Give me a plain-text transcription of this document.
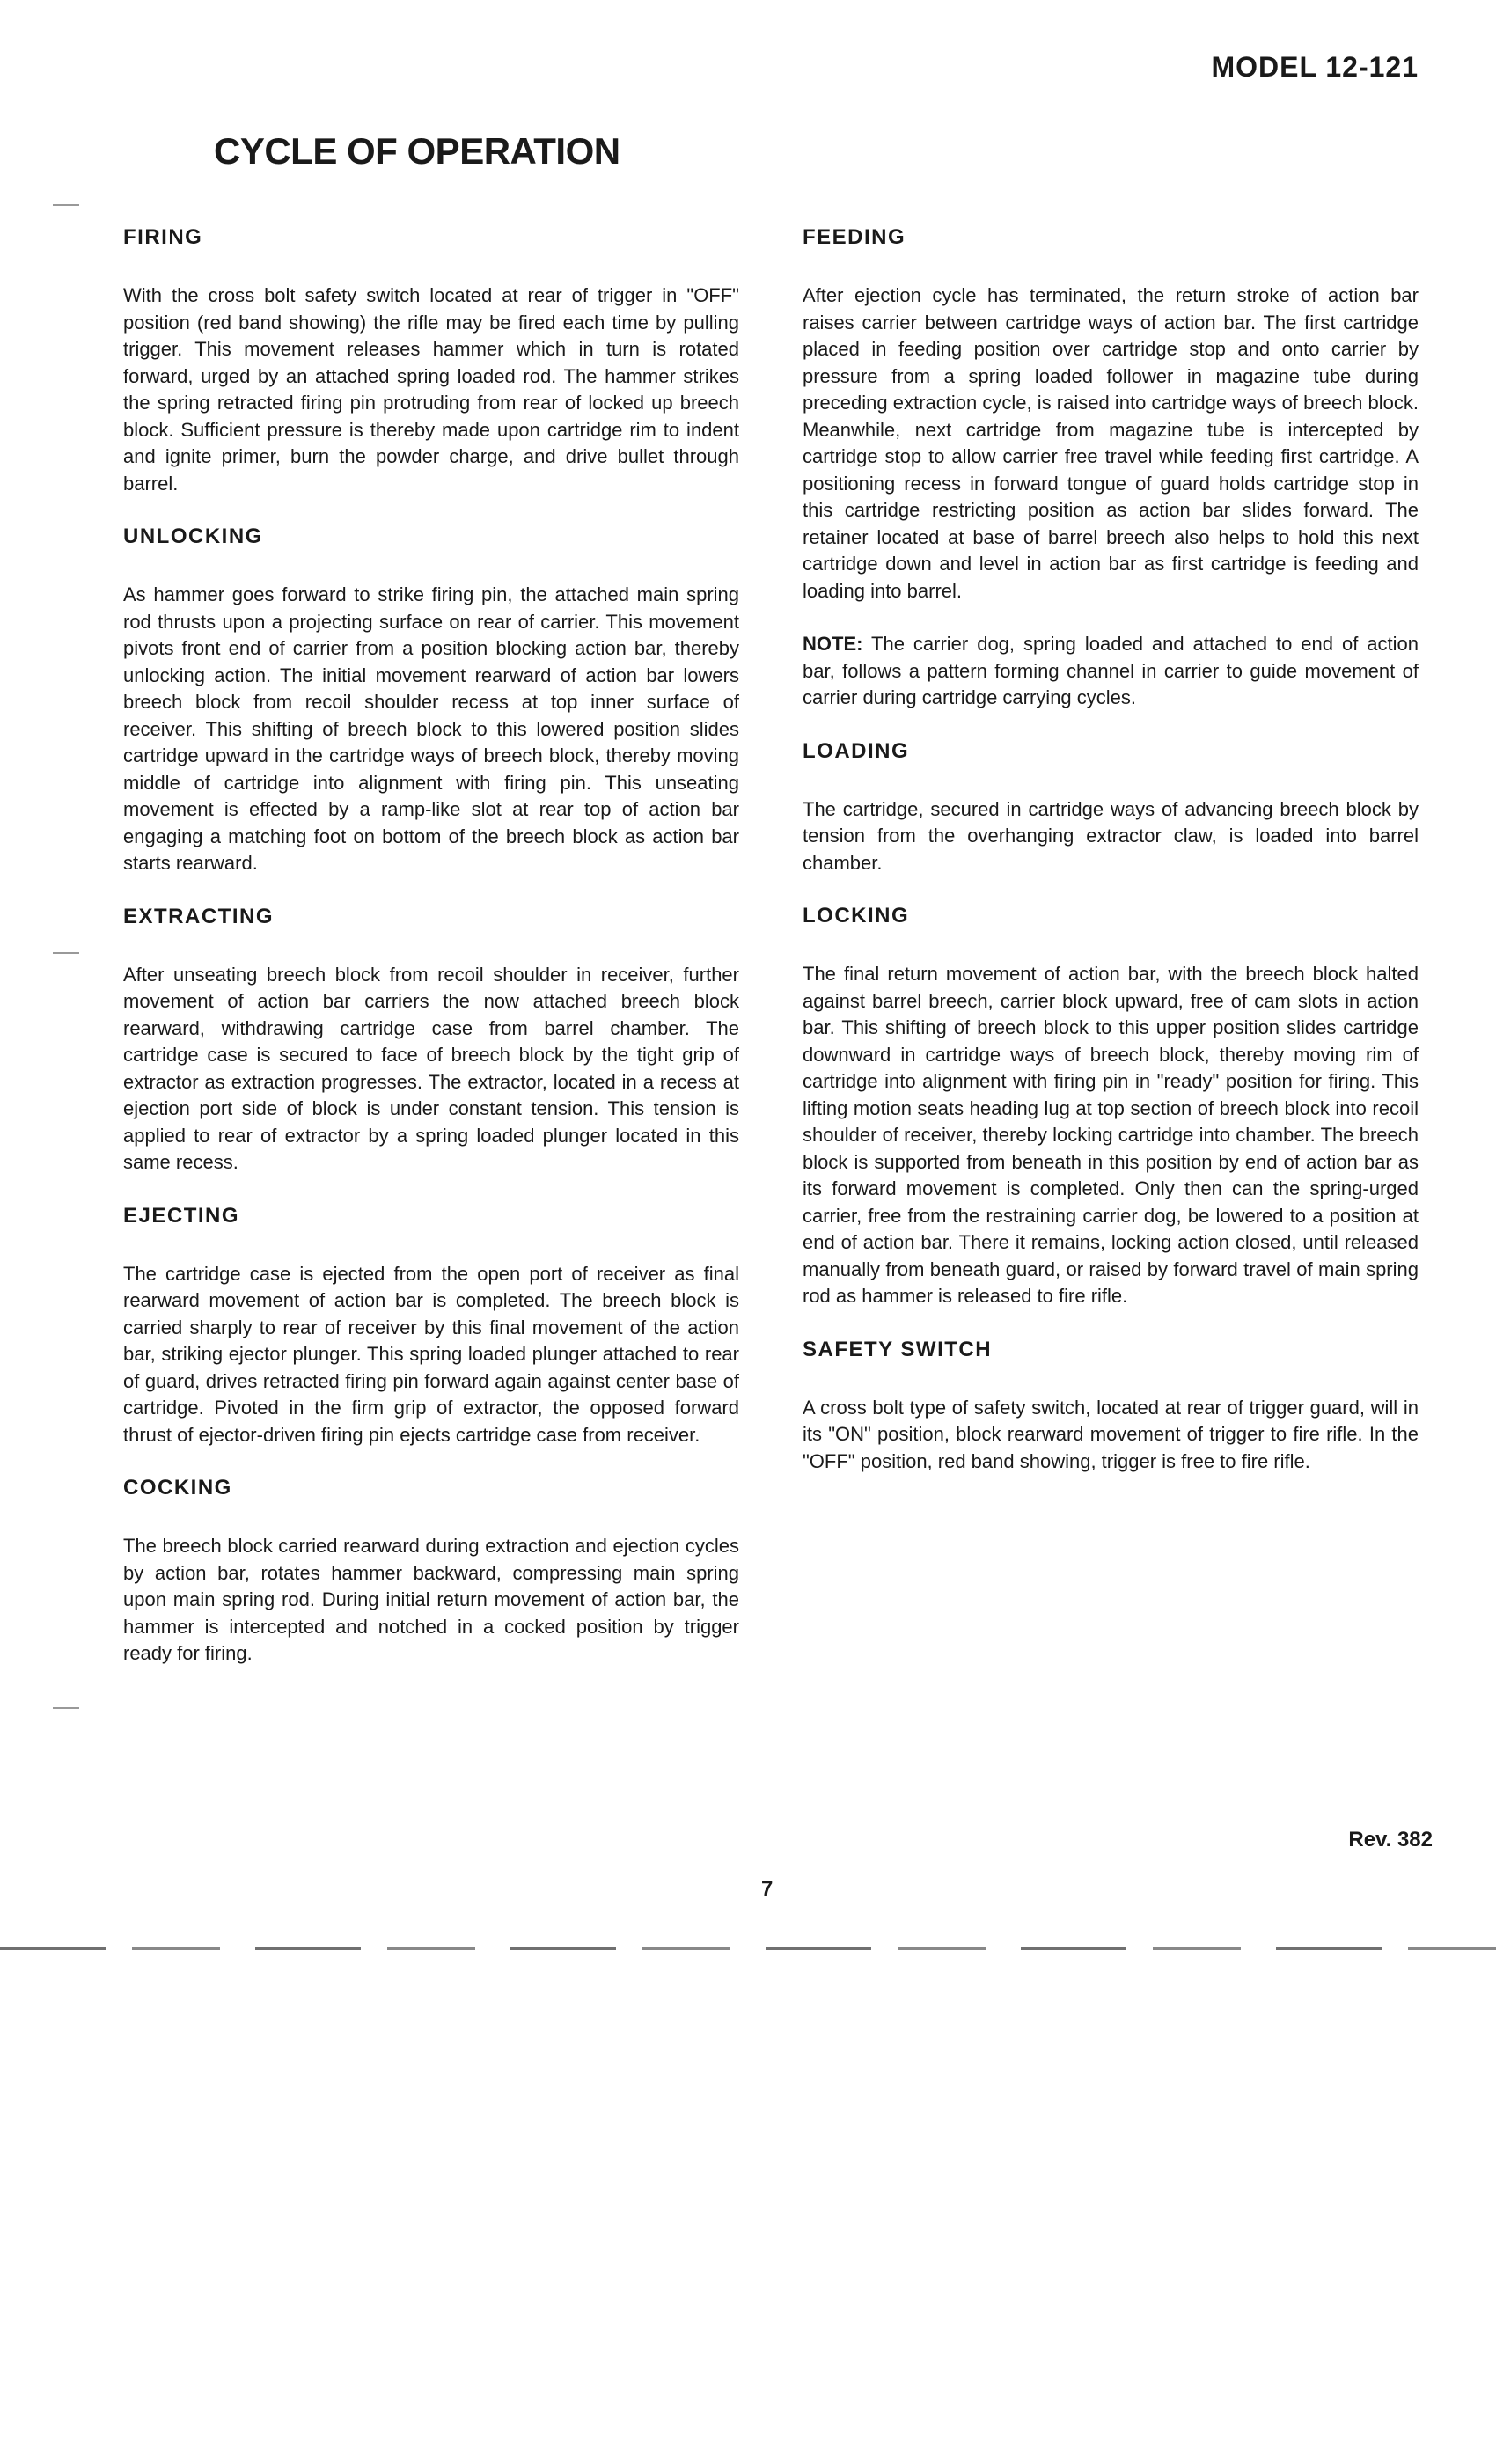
MODEL 12-121
CYCLE OF OPERATION
FIRING

With the cross bolt safety switch located at rear of trigger in "OFF" position (red band showing) the rifle may be fired each time by pulling trigger. This movement releases hammer which in turn is rotated forward, urged by an attached spring loaded rod. The hammer strikes the spring retracted firing pin protruding from rear of locked up breech block. Sufficient pressure is thereby made upon cartridge rim to indent and ignite primer, burn the powder charge, and drive bullet through barrel.

UNLOCKING

As hammer goes forward to strike firing pin, the attached main spring rod thrusts upon a projecting surface on rear of carrier. This movement pivots front end of carrier from a position blocking action bar, thereby unlocking action. The initial movement rearward of action bar lowers breech block from recoil shoulder recess at top inner surface of receiver. This shifting of breech block to this lowered position slides cartridge upward in the cartridge ways of breech block, thereby moving middle of cartridge into alignment with firing pin. This unseating movement is effected by a ramp-like slot at rear top of action bar engaging a matching foot on bottom of the breech block as action bar starts rearward.

EXTRACTING

After unseating breech block from recoil shoulder in receiver, further movement of action bar carriers the now attached breech block rearward, withdrawing cartridge case from barrel chamber. The cartridge case is secured to face of breech block by the tight grip of extractor as extraction progresses. The extractor, located in a recess at ejection port side of block is under constant tension. This tension is applied to rear of extractor by a spring loaded plunger located in this same recess.

EJECTING

The cartridge case is ejected from the open port of receiver as final rearward movement of action bar is completed. The breech block is carried sharply to rear of receiver by this final movement of the action bar, striking ejector plunger. This spring loaded plunger attached to rear of guard, drives retracted firing pin forward again against center base of cartridge. Pivoted in the firm grip of extractor, the opposed forward thrust of ejector-driven firing pin ejects cartridge case from receiver.

COCKING

The breech block carried rearward during extraction and ejection cycles by action bar, rotates hammer backward, compressing main spring upon main spring rod. During initial return movement of action bar, the hammer is intercepted and notched in a cocked position by trigger ready for firing.

FEEDING

After ejection cycle has terminated, the return stroke of action bar raises carrier between cartridge ways of action bar. The first cartridge placed in feeding position over cartridge stop and onto carrier by pressure from a spring loaded follower in magazine tube during preceding extraction cycle, is raised into cartridge ways of breech block. Meanwhile, next cartridge from magazine tube is intercepted by cartridge stop to allow carrier free travel while feeding first cartridge. A positioning recess in forward tongue of guard holds cartridge stop in this cartridge restricting position as action bar slides forward. The retainer located at base of barrel breech also helps to hold this next cartridge down and level in action bar as first cartridge is feeding and loading into barrel.

NOTE: The carrier dog, spring loaded and attached to end of action bar, follows a pattern forming channel in carrier to guide movement of carrier during cartridge carrying cycles.

LOADING

The cartridge, secured in cartridge ways of advancing breech block by tension from the overhanging extractor claw, is loaded into barrel chamber.

LOCKING

The final return movement of action bar, with the breech block halted against barrel breech, carrier block upward, free of cam slots in action bar. This shifting of breech block to this upper position slides cartridge downward in cartridge ways of breech block, thereby moving rim of cartridge into alignment with firing pin in "ready" position for firing. This lifting motion seats heading lug at top section of breech block into recoil shoulder of receiver, thereby locking cartridge into chamber. The breech block is supported from beneath in this position by end of action bar as its forward movement is completed. Only then can the spring-urged carrier, free from the restraining carrier dog, be lowered to a position at end of action bar. There it remains, locking action closed, until released manually from beneath guard, or raised by forward travel of main spring rod as hammer is released to fire rifle.

SAFETY SWITCH

A cross bolt type of safety switch, located at rear of trigger guard, will in its "ON" position, block rearward movement of trigger to fire rifle. In the "OFF" position, red band showing, trigger is free to fire rifle.

Rev. 382
7
